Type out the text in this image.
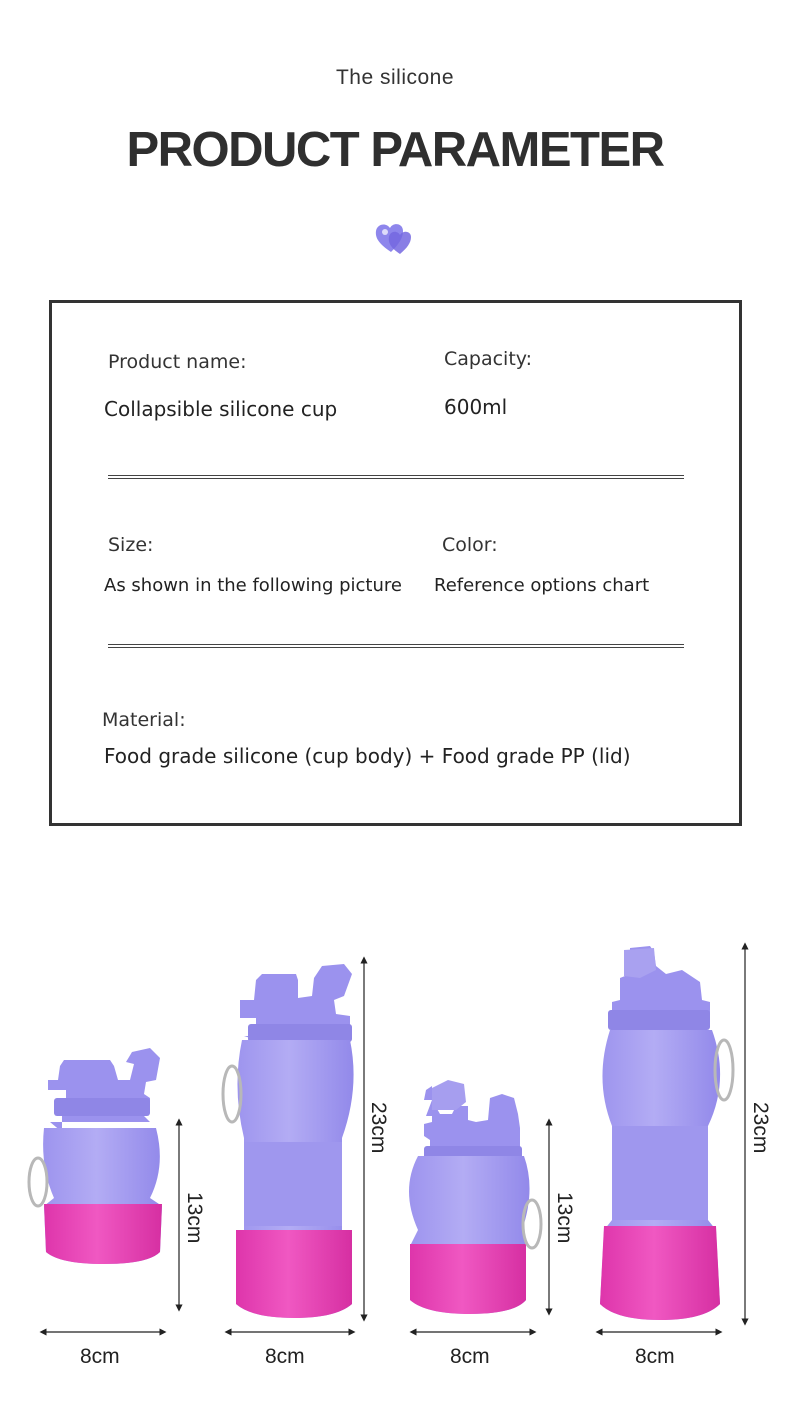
The silicone
PRODUCT PARAMETER
Product name:
Collapsible silicone cup
Capacity:
600ml
Size:
As shown in the following picture
Color:
Reference options chart
Material:
Food grade silicone (cup body) + Food grade PP (lid)
8cm
13cm
8cm
23cm
8cm
13cm
8cm
23cm
